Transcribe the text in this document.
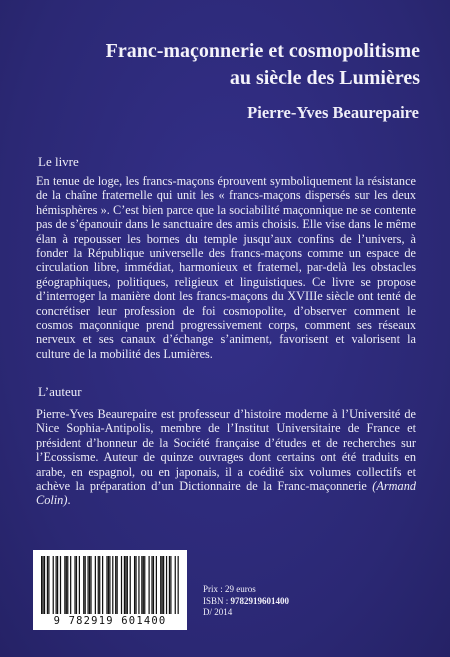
Franc-maçonnerie et cosmopolitisme
au siècle des Lumières

Pierre-Yves Beaurepaire

Le livre

En tenue de loge, les francs-maçons éprouvent symboliquement la résistance de la chaîne fraternelle qui unit les « francs-maçons dispersés sur les deux hémisphères ». C’est bien parce que la sociabilité maçonnique ne se contente pas de s’épanouir dans le sanctuaire des amis choisis. Elle vise dans le même élan à repousser les bornes du temple jusqu’aux confins de l’univers, à fonder la République universelle des francs-maçons comme un espace de circulation libre, immédiat, harmonieux et fraternel, par-delà les obstacles géographiques, politiques, religieux et linguistiques. Ce livre se propose d’interroger la manière dont les francs-maçons du XVIIIe siècle ont tenté de concrétiser leur profession de foi cosmopolite, d’observer comment le cosmos maçonnique prend progressivement corps, comment ses réseaux nerveux et ses canaux d’échange s’animent, favorisent et valorisent la culture de la mobilité des Lumières.

L’auteur

Pierre-Yves Beaurepaire est professeur d’histoire moderne à l’Université de Nice Sophia-Antipolis, membre de l’Institut Universitaire de France et président d’honneur de la Société française d’études et de recherches sur l’Ecossisme. Auteur de quinze ouvrages dont certains ont été traduits en arabe, en espagnol, ou en japonais, il a coédité six volumes collectifs et achève la préparation d’un Dictionnaire de la Franc-maçonnerie (Armand Colin).

9 782919 601400
Prix : 29 euros
ISBN : 9782919601400
D/ 2014
